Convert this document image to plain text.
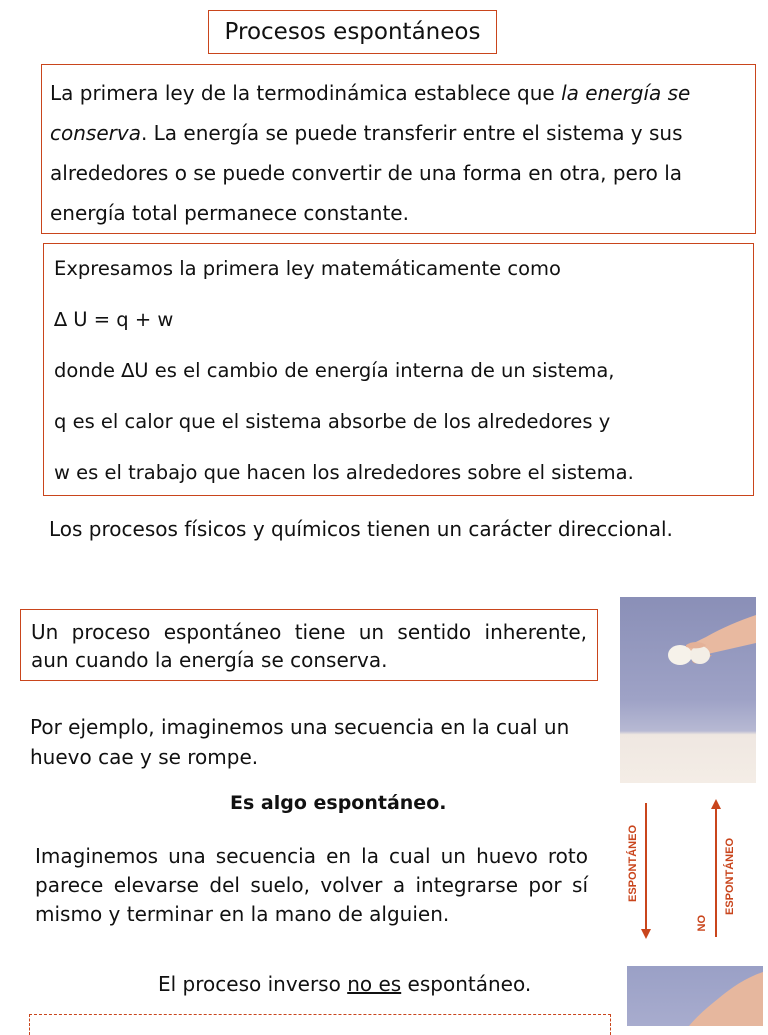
Procesos espontáneos

La primera ley de la termodinámica establece que la energía se conserva. La energía se puede transferir entre el sistema y sus alrededores o se puede convertir de una forma en otra, pero la energía total permanece constante.

Expresamos la primera ley matemáticamente como
∆ U = q + w
donde ∆U es el cambio de energía interna de un sistema,
q es el calor que el sistema absorbe de los alrededores y
w es el trabajo que hacen los alrededores sobre el sistema.
Los procesos físicos y químicos tienen un carácter direccional.
Un proceso espontáneo tiene un sentido inherente, aun cuando la energía se conserva.
Por ejemplo, imaginemos una secuencia en la cual un huevo cae y se rompe.
Es algo espontáneo.
Imaginemos una secuencia en la cual un huevo roto parece elevarse del suelo, volver a integrarse por sí mismo y terminar en la mano de alguien.
El proceso inverso no es espontáneo.
ESPONTÁNEO
NO
ESPONTÁNEO
